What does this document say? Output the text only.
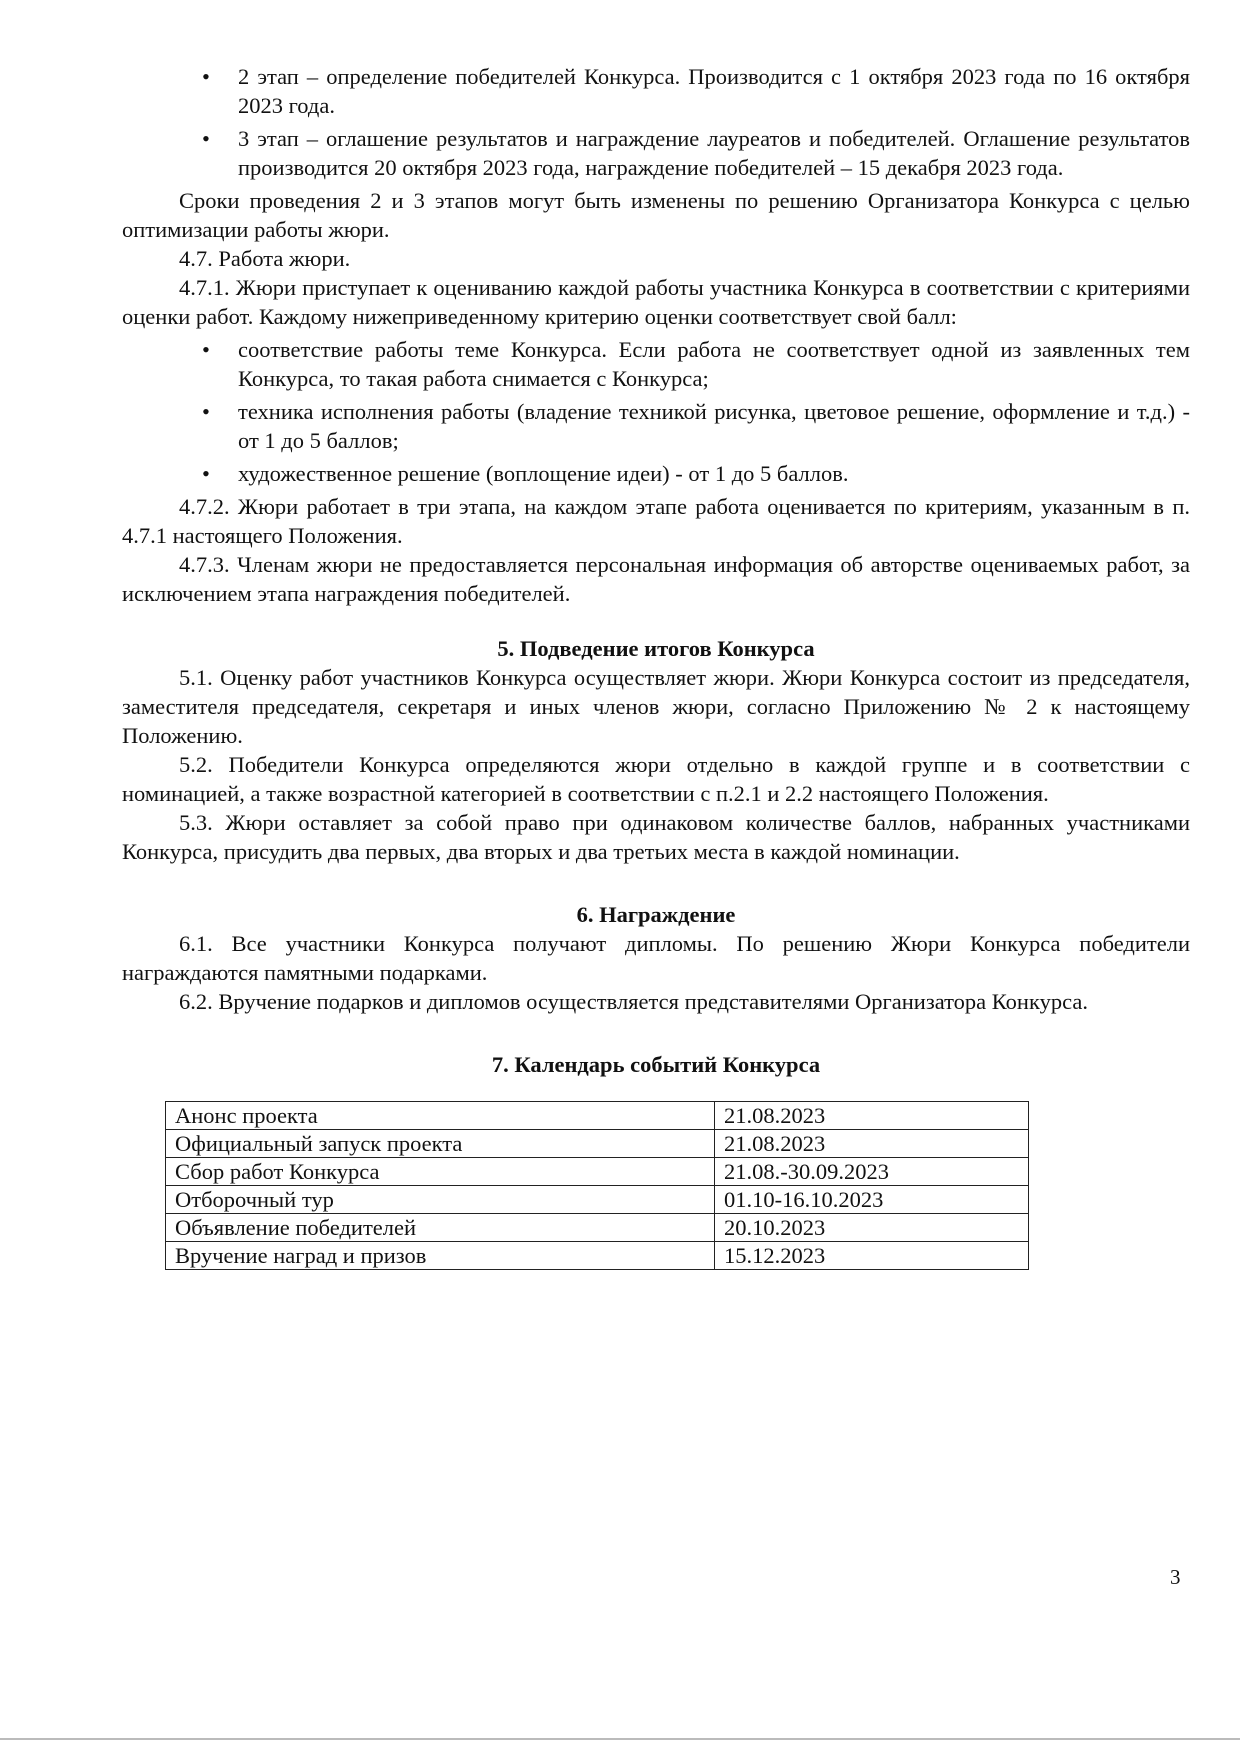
• 2 этап – определение победителей Конкурса. Производится с 1 октября 2023 года по 16 октября 2023 года.
• 3 этап – оглашение результатов и награждение лауреатов и победителей. Оглашение результатов производится 20 октября 2023 года, награждение победителей – 15 декабря 2023 года.

Сроки проведения 2 и 3 этапов могут быть изменены по решению Организатора Конкурса с целью оптимизации работы жюри.

4.7. Работа жюри.

4.7.1. Жюри приступает к оцениванию каждой работы участника Конкурса в соответствии с критериями оценки работ. Каждому нижеприведенному критерию оценки соответствует свой балл:

• соответствие работы теме Конкурса. Если работа не соответствует одной из заявленных тем Конкурса, то такая работа снимается с Конкурса;
• техника исполнения работы (владение техникой рисунка, цветовое решение, оформление и т.д.) - от 1 до 5 баллов;
• художественное решение (воплощение идеи) - от 1 до 5 баллов.

4.7.2. Жюри работает в три этапа, на каждом этапе работа оценивается по критериям, указанным в п. 4.7.1 настоящего Положения.

4.7.3. Членам жюри не предоставляется персональная информация об авторстве оцениваемых работ, за исключением этапа награждения победителей.

5. Подведение итогов Конкурса

5.1. Оценку работ участников Конкурса осуществляет жюри. Жюри Конкурса состоит из председателя, заместителя председателя, секретаря и иных членов жюри, согласно Приложению № 2 к настоящему Положению.

5.2. Победители Конкурса определяются жюри отдельно в каждой группе и в соответствии с номинацией, а также возрастной категорией в соответствии с п.2.1 и 2.2 настоящего Положения.

5.3. Жюри оставляет за собой право при одинаковом количестве баллов, набранных участниками Конкурса, присудить два первых, два вторых и два третьих места в каждой номинации.

6. Награждение

6.1. Все участники Конкурса получают дипломы. По решению Жюри Конкурса победители награждаются памятными подарками.

6.2. Вручение подарков и дипломов осуществляется представителями Организатора Конкурса.

7. Календарь событий Конкурса

Анонс проекта	21.08.2023
Официальный запуск проекта	21.08.2023
Сбор работ Конкурса	21.08.-30.09.2023
Отборочный тур	01.10-16.10.2023
Объявление победителей	20.10.2023
Вручение наград и призов	15.12.2023
3
